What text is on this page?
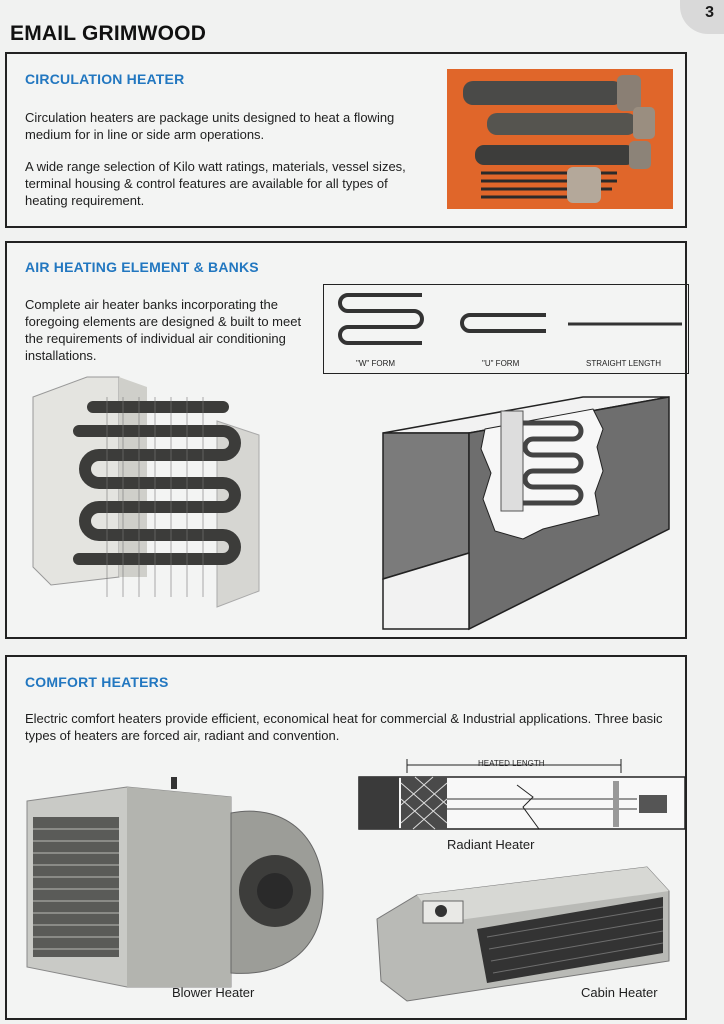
3
EMAIL GRIMWOOD
CIRCULATION HEATER
Circulation heaters are package units designed to heat a flowing medium for in line or side arm operations.
A wide range selection of Kilo watt ratings, materials, vessel sizes, terminal housing & control features are available for all types of heating requirement.
AIR HEATING ELEMENT & BANKS
Complete air heater banks incorporating the foregoing elements are designed & built to meet the requirements of individual air conditioning installations.
"W" FORM	"U" FORM	STRAIGHT LENGTH
COMFORT HEATERS
Electric comfort heaters provide efficient, economical heat for commercial & Industrial applications. Three basic types of heaters are forced air, radiant and convention.
HEATED LENGTH
Radiant Heater
Blower Heater	Cabin Heater
